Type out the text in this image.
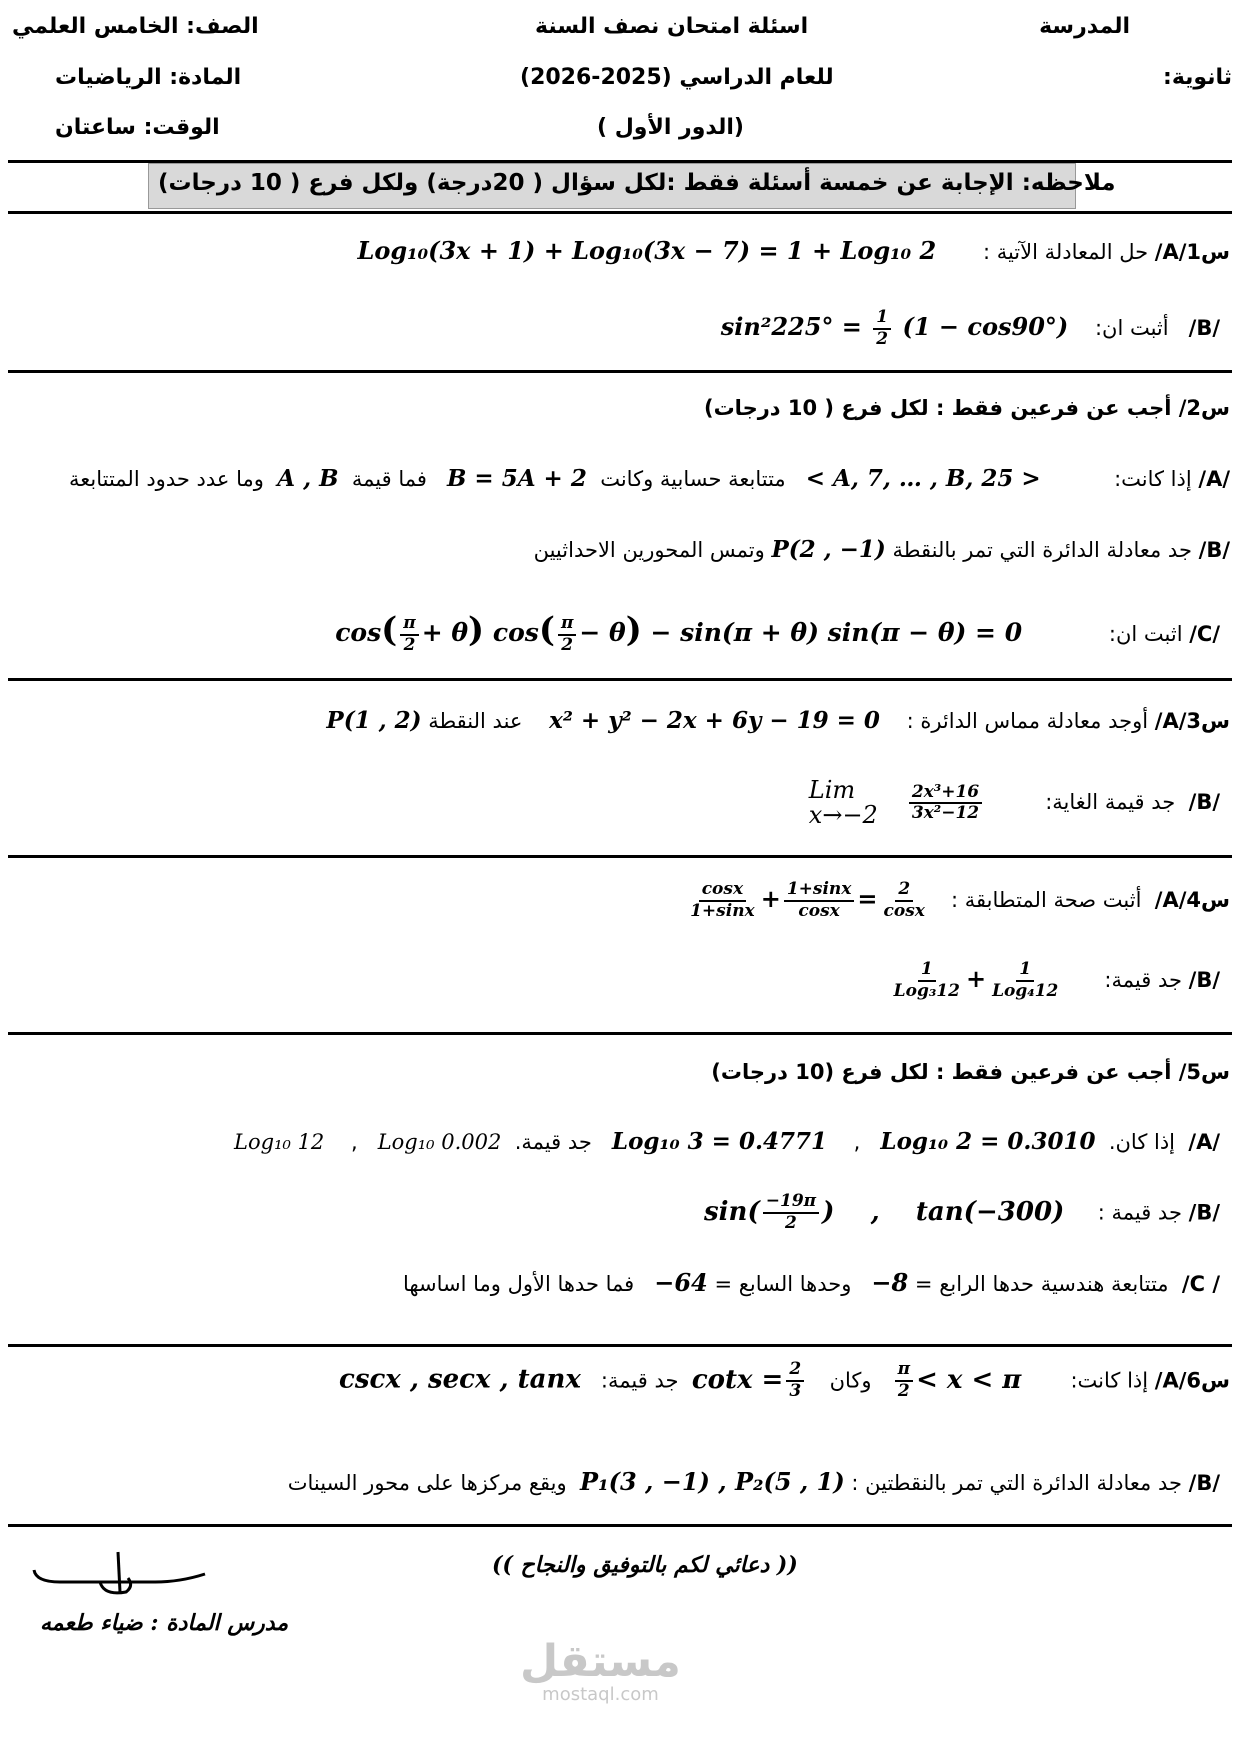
المدرسة
ثانوية:
اسئلة امتحان نصف السنة
للعام الدراسي (2025-2026)
(الدور الأول )
الصف: الخامس العلمي
المادة: الرياضيات
الوقت: ساعتان
ملاحظه: الإجابة عن خمسة أسئلة فقط :لكل سؤال ( 20درجة) ولكل فرع ( 10 درجات)
س1/A/ حل المعادلة الآتية :       Log₁₀(3x + 1) + Log₁₀(3x − 7) = 1 + Log₁₀ 2
/B/   أثبت ان:    $\sin^2225^\circ = \frac{1}{2} (1 - \cos 90^\circ)$
س2/ أجب عن فرعين فقط : لكل فرع ( 10 درجات)
/A/ إذا كانت:           < A, 7, … , B, 25 >   متتابعة حسابية وكانت  B = 5A + 2   فما قيمة  A , B  وما عدد حدود المتتابعة
/B/ جد معادلة الدائرة التي تمر بالنقطة P(2 , −1) وتمس المحورين الاحداثيين
/C/ اثبت ان:             $\cos( \frac{\pi}{2} + \theta)$ $\cos( \frac{\pi}{2} - \theta) - \sin(\pi + \theta)$ sin(π − θ) = 0
س3/A/ أوجد معادلة مماس الدائرة :    x² + y² − 2x + 6y − 19 = 0    عند النقطة P(1 , 2)
/B/  جد قيمة الغاية:
Lim
x→−2
$\frac{\text{2x³+16}}{\text{3x²−12}}$
س4/A/  أثبت صحة المتطابقة :
$\frac{\cos x}{1+\sin x} + \frac{1+\sin x}{\cos x} = \frac{2}{\cos x}$
/B/ جد قيمة:
$\frac{1}{\text{Log₃12}} + \frac{1}{\text{Log₄12}}$
س5/ أجب عن فرعين فقط : لكل فرع (10 درجات)
/A/  إذا كان.  Log₁₀ 2 = 0.3010   ,    Log₁₀ 3 = 0.4771   جد قيمة.  Log₁₀ 0.002   ,    Log₁₀ 12
/B/ جد قيمة :     $\sin( \frac{-19\pi}{2}$ )    ,    tan(−300)
/ C/  متتابعة هندسية حدها الرابع = −8   وحدها السابع = −64   فما حدها الأول وما اساسها
س6/A/ إذا كانت:
$\frac{\pi}{2} < x < \pi$    وكان  $\cot x = \frac{2}{3}$
جد قيمة:   cscx , secx , tanx
/B/ جد معادلة الدائرة التي تمر بالنقطتين : P₁(3 , −1) , P₂(5 , 1)  ويقع مركزها على محور السينات
(( دعائي لكم بالتوفيق والنجاح ))
مدرس المادة : ضياء طعمه
مستقل
mostaql.com
